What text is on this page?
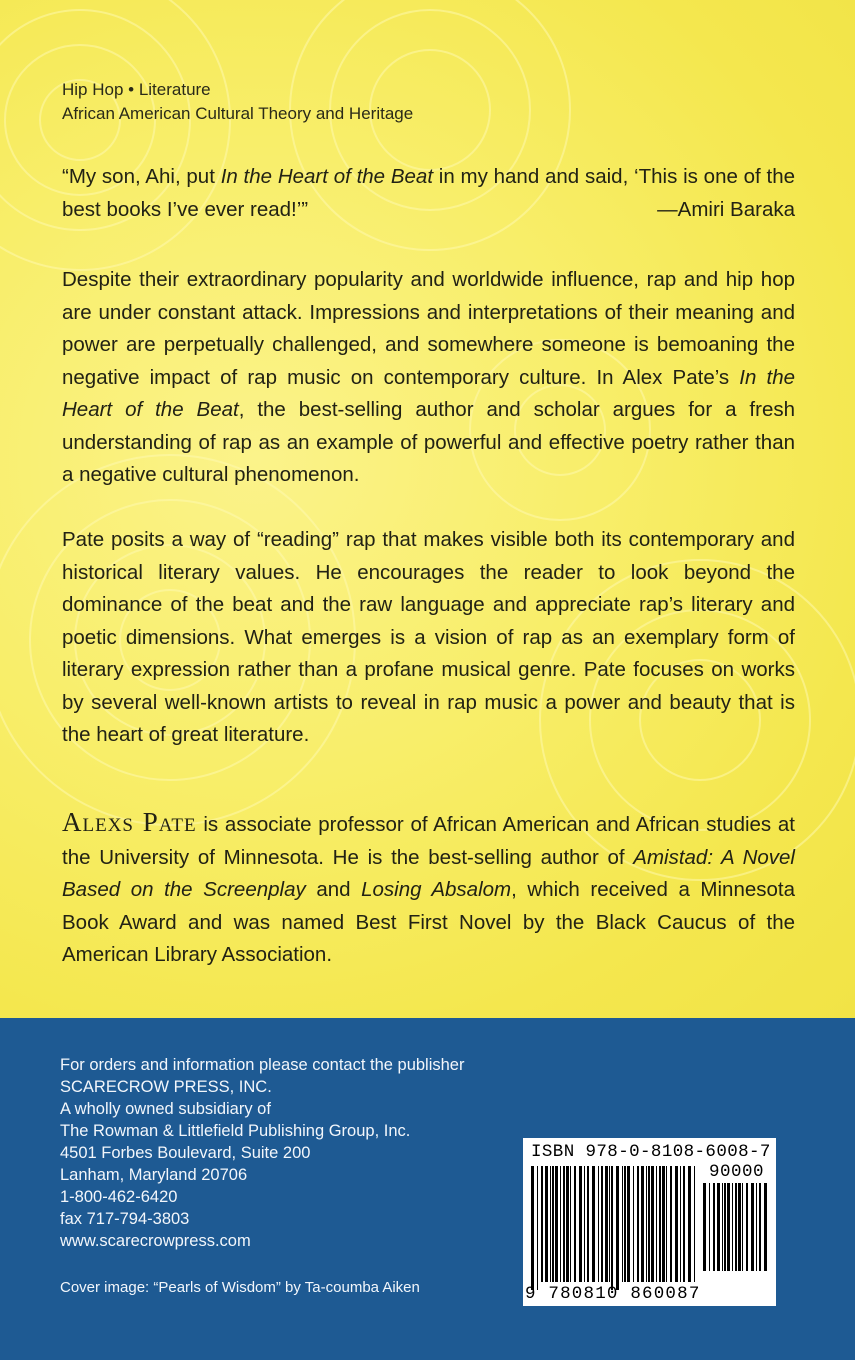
Hip Hop • Literature
African American Cultural Theory and Heritage
“My son, Ahi, put In the Heart of the Beat in my hand and said, ‘This is one of the best books I’ve ever read!’”	—Amiri Baraka
Despite their extraordinary popularity and worldwide influence, rap and hip hop are under constant attack. Impressions and interpretations of their meaning and power are perpetually challenged, and somewhere someone is bemoaning the negative impact of rap music on contemporary culture. In Alex Pate’s In the Heart of the Beat, the best-selling author and scholar argues for a fresh understanding of rap as an example of powerful and effective poetry rather than a negative cultural phenomenon.
Pate posits a way of “reading” rap that makes visible both its contemporary and historical literary values. He encourages the reader to look beyond the dominance of the beat and the raw language and appreciate rap’s literary and poetic dimensions. What emerges is a vision of rap as an exemplary form of literary expression rather than a profane musical genre. Pate focuses on works by several well-known artists to reveal in rap music a power and beauty that is the heart of great literature.
Alexs Pate is associate professor of African American and African studies at the University of Minnesota. He is the best-selling author of Amistad: A Novel Based on the Screenplay and Losing Absalom, which received a Minnesota Book Award and was named Best First Novel by the Black Caucus of the American Library Association.
For orders and information please contact the publisher
SCARECROW PRESS, INC.
A wholly owned subsidiary of
The Rowman & Littlefield Publishing Group, Inc.
4501 Forbes Boulevard, Suite 200
Lanham, Maryland 20706
1-800-462-6420
fax 717-794-3803
www.scarecrowpress.com
Cover image: “Pearls of Wisdom” by Ta-coumba Aiken
ISBN 978-0-8108-6008-7
90000
9 780810 860087
